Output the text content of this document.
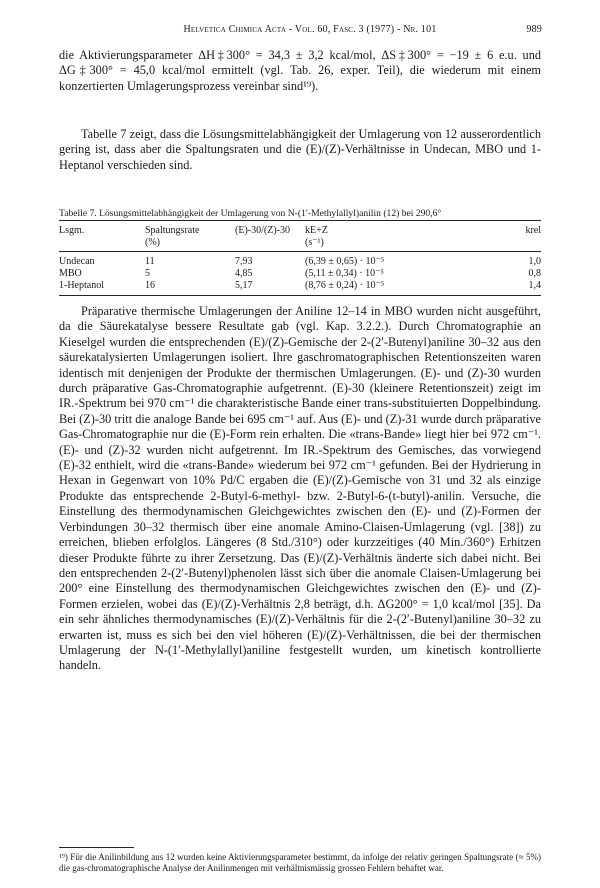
Helvetica Chimica Acta - Vol. 60, Fasc. 3 (1977) - Nr. 101	989

die Aktivierungsparameter ΔH‡300° = 34,3 ± 3,2 kcal/mol, ΔS‡300° = −19 ± 6 e.u. und ΔG‡300° = 45,0 kcal/mol ermittelt (vgl. Tab. 26, exper. Teil), die wiederum mit einem konzertierten Umlagerungsprozess vereinbar sind¹⁹).

Tabelle 7 zeigt, dass die Lösungsmittelabhängigkeit der Umlagerung von 12 ausserordentlich gering ist, dass aber die Spaltungsraten und die (E)/(Z)-Verhältnisse in Undecan, MBO und 1-Heptanol verschieden sind.

Tabelle 7. Lösungsmittelabhängigkeit der Umlagerung von N-(1′-Methylallyl)anilin (12) bei 290,6°
Lsgm.	Spaltungsrate	(E)-30/(Z)-30	kE+Z	krel
	(%)		(s⁻¹)	
Undecan	11	7,93	(6,39 ± 0,65) · 10⁻⁵	1,0
MBO	5	4,85	(5,11 ± 0,34) · 10⁻⁵	0,8
1-Heptanol	16	5,17	(8,76 ± 0,24) · 10⁻⁵	1,4

Präparative thermische Umlagerungen der Aniline 12–14 in MBO wurden nicht ausgeführt, da die Säurekatalyse bessere Resultate gab (vgl. Kap. 3.2.2.). Durch Chromatographie an Kieselgel wurden die entsprechenden (E)/(Z)-Gemische der 2-(2′-Butenyl)aniline 30–32 aus den säurekatalysierten Umlagerungen isoliert. Ihre gaschromatographischen Retentionszeiten waren identisch mit denjenigen der Produkte der thermischen Umlagerungen. (E)- und (Z)-30 wurden durch präparative Gas-Chromatographie aufgetrennt. (E)-30 (kleinere Retentionszeit) zeigt im IR.-Spektrum bei 970 cm⁻¹ die charakteristische Bande einer trans-substituierten Doppelbindung. Bei (Z)-30 tritt die analoge Bande bei 695 cm⁻¹ auf. Aus (E)- und (Z)-31 wurde durch präparative Gas-Chromatographie nur die (E)-Form rein erhalten. Die «trans-Bande» liegt hier bei 972 cm⁻¹. (E)- und (Z)-32 wurden nicht aufgetrennt. Im IR.-Spektrum des Gemisches, das vorwiegend (E)-32 enthielt, wird die «trans-Bande» wiederum bei 972 cm⁻¹ gefunden. Bei der Hydrierung in Hexan in Gegenwart von 10% Pd/C ergaben die (E)/(Z)-Gemische von 31 und 32 als einzige Produkte das entsprechende 2-Butyl-6-methyl- bzw. 2-Butyl-6-(t-butyl)-anilin. Versuche, die Einstellung des thermodynamischen Gleichgewichtes zwischen den (E)- und (Z)-Formen der Verbindungen 30–32 thermisch über eine anomale Amino-Claisen-Umlagerung (vgl. [38]) zu erreichen, blieben erfolglos. Längeres (8 Std./310°) oder kurzzeitiges (40 Min./360°) Erhitzen dieser Produkte führte zu ihrer Zersetzung. Das (E)/(Z)-Verhältnis änderte sich dabei nicht. Bei den entsprechenden 2-(2′-Butenyl)phenolen lässt sich über die anomale Claisen-Umlagerung bei 200° eine Einstellung des thermodynamischen Gleichgewichtes zwischen den (E)- und (Z)-Formen erzielen, wobei das (E)/(Z)-Verhältnis 2,8 beträgt, d.h. ΔG200° = 1,0 kcal/mol [35]. Da ein sehr ähnliches thermodynamisches (E)/(Z)-Verhältnis für die 2-(2′-Butenyl)aniline 30–32 zu erwarten ist, muss es sich bei den viel höheren (E)/(Z)-Verhältnissen, die bei der thermischen Umlagerung der N-(1′-Methylallyl)aniline festgestellt wurden, um kinetisch kontrollierte handeln.

¹⁹) Für die Anilinbildung aus 12 wurden keine Aktivierungsparameter bestimmt, da infolge der relativ geringen Spaltungsrate (≈ 5%) die gas-chromatographische Analyse der Anilinmengen mit verhältnismässig grossen Fehlern behaftet war.
